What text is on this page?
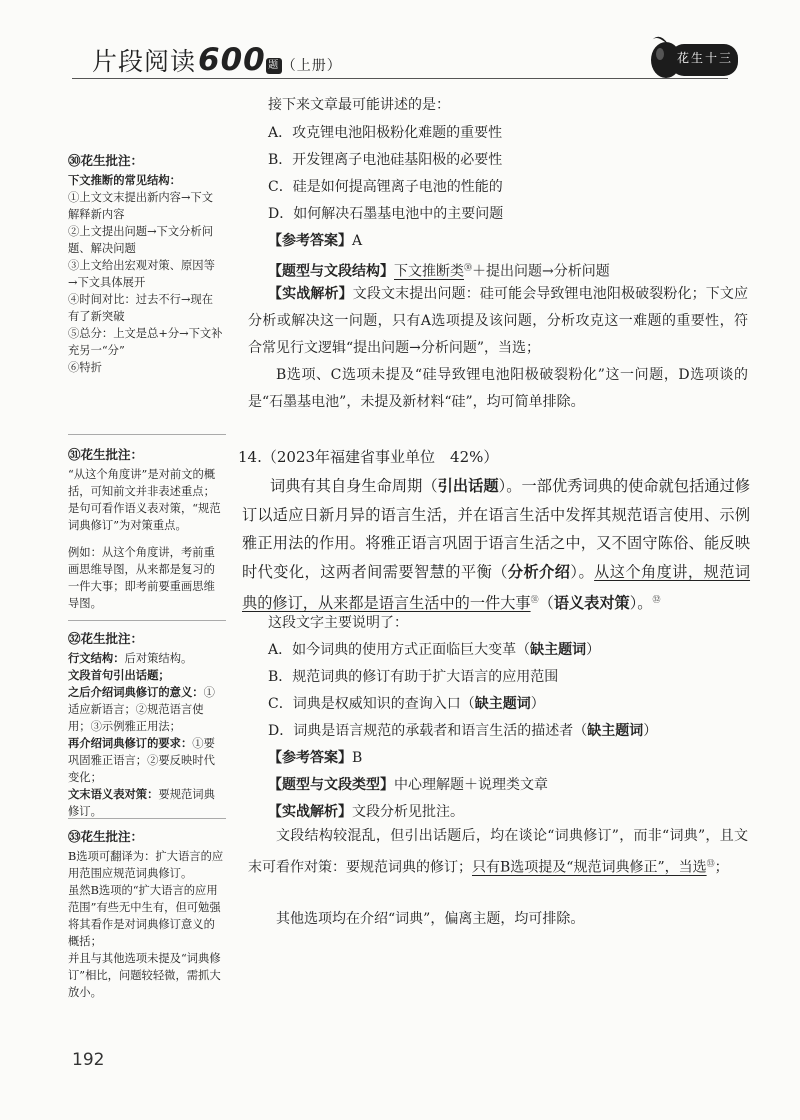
片段阅读600 题 （上册）	花生十三

㉚花生批注：

下文推断的常见结构：

①上文文末提出新内容→下文解释新内容

②上文提出问题→下文分析问题、解决问题

③上文给出宏观对策、原因等→下文具体展开

④时间对比：过去不行→现在有了新突破

⑤总分：上文是总+分→下文补充另一“分”

⑥特折

㉛花生批注：

“从这个角度讲”是对前文的概括，可知前文并非表述重点；

是句可看作语义表对策，“规范词典修订”为对策重点。

例如：从这个角度讲，考前重画思维导图，从来都是复习的一件大事；即考前要重画思维导图。

㉜花生批注：

行文结构：后对策结构。

文段首句引出话题；

之后介绍词典修订的意义：①适应新语言；②规范语言使用；③示例雅正用法；

再介绍词典修订的要求：①要巩固雅正语言；②要反映时代变化；

文末语义表对策：要规范词典修订。

㉝花生批注：

B选项可翻译为：扩大语言的应用范围应规范词典修订。

虽然B选项的“扩大语言的应用范围”有些无中生有，但可勉强将其看作是对词典修订意义的概括；

并且与其他选项未提及“词典修订”相比，问题较轻微，需抓大放小。

接下来文章最可能讲述的是：
A．攻克锂电池阳极粉化难题的重要性
B．开发锂离子电池硅基阳极的必要性
C．硅是如何提高锂离子电池的性能的
D．如何解决石墨基电池中的主要问题
【参考答案】A
【题型与文段结构】下文推断类$^㉚$＋提出问题→分析问题

【实战解析】文段文末提出问题：硅可能会导致锂电池阳极破裂粉化；下文应分析或解决这一问题，只有A选项提及该问题，分析攻克这一难题的重要性，符合常见行文逻辑“提出问题→分析问题”，当选；

B选项、C选项未提及“硅导致锂电池阳极破裂粉化”这一问题，D选项谈的是“石墨基电池”，未提及新材料“硅”，均可简单排除。

14.（2023年福建省事业单位　42%）

词典有其自身生命周期（引出话题）。一部优秀词典的使命就包括通过修订以适应日新月异的语言生活，并在语言生活中发挥其规范语言使用、示例雅正用法的作用。将雅正语言巩固于语言生活之中，又不固守陈俗、能反映时代变化，这两者间需要智慧的平衡（分析介绍）。从这个角度讲，规范词典的修订，从来都是语言生活中的一件大事$^㉛$（语义表对策）。$^㉜$

这段文字主要说明了：
A．如今词典的使用方式正面临巨大变革（缺主题词）
B．规范词典的修订有助于扩大语言的应用范围
C．词典是权威知识的查询入口（缺主题词）
D．词典是语言规范的承载者和语言生活的描述者（缺主题词）
【参考答案】B
【题型与文段类型】中心理解题＋说理类文章
【实战解析】文段分析见批注。

文段结构较混乱，但引出话题后，均在谈论“词典修订”，而非“词典”，且文末可看作对策：要规范词典的修订；只有B选项提及“规范词典修正”，当选$^㉝$；

其他选项均在介绍“词典”，偏离主题，均可排除。

192
